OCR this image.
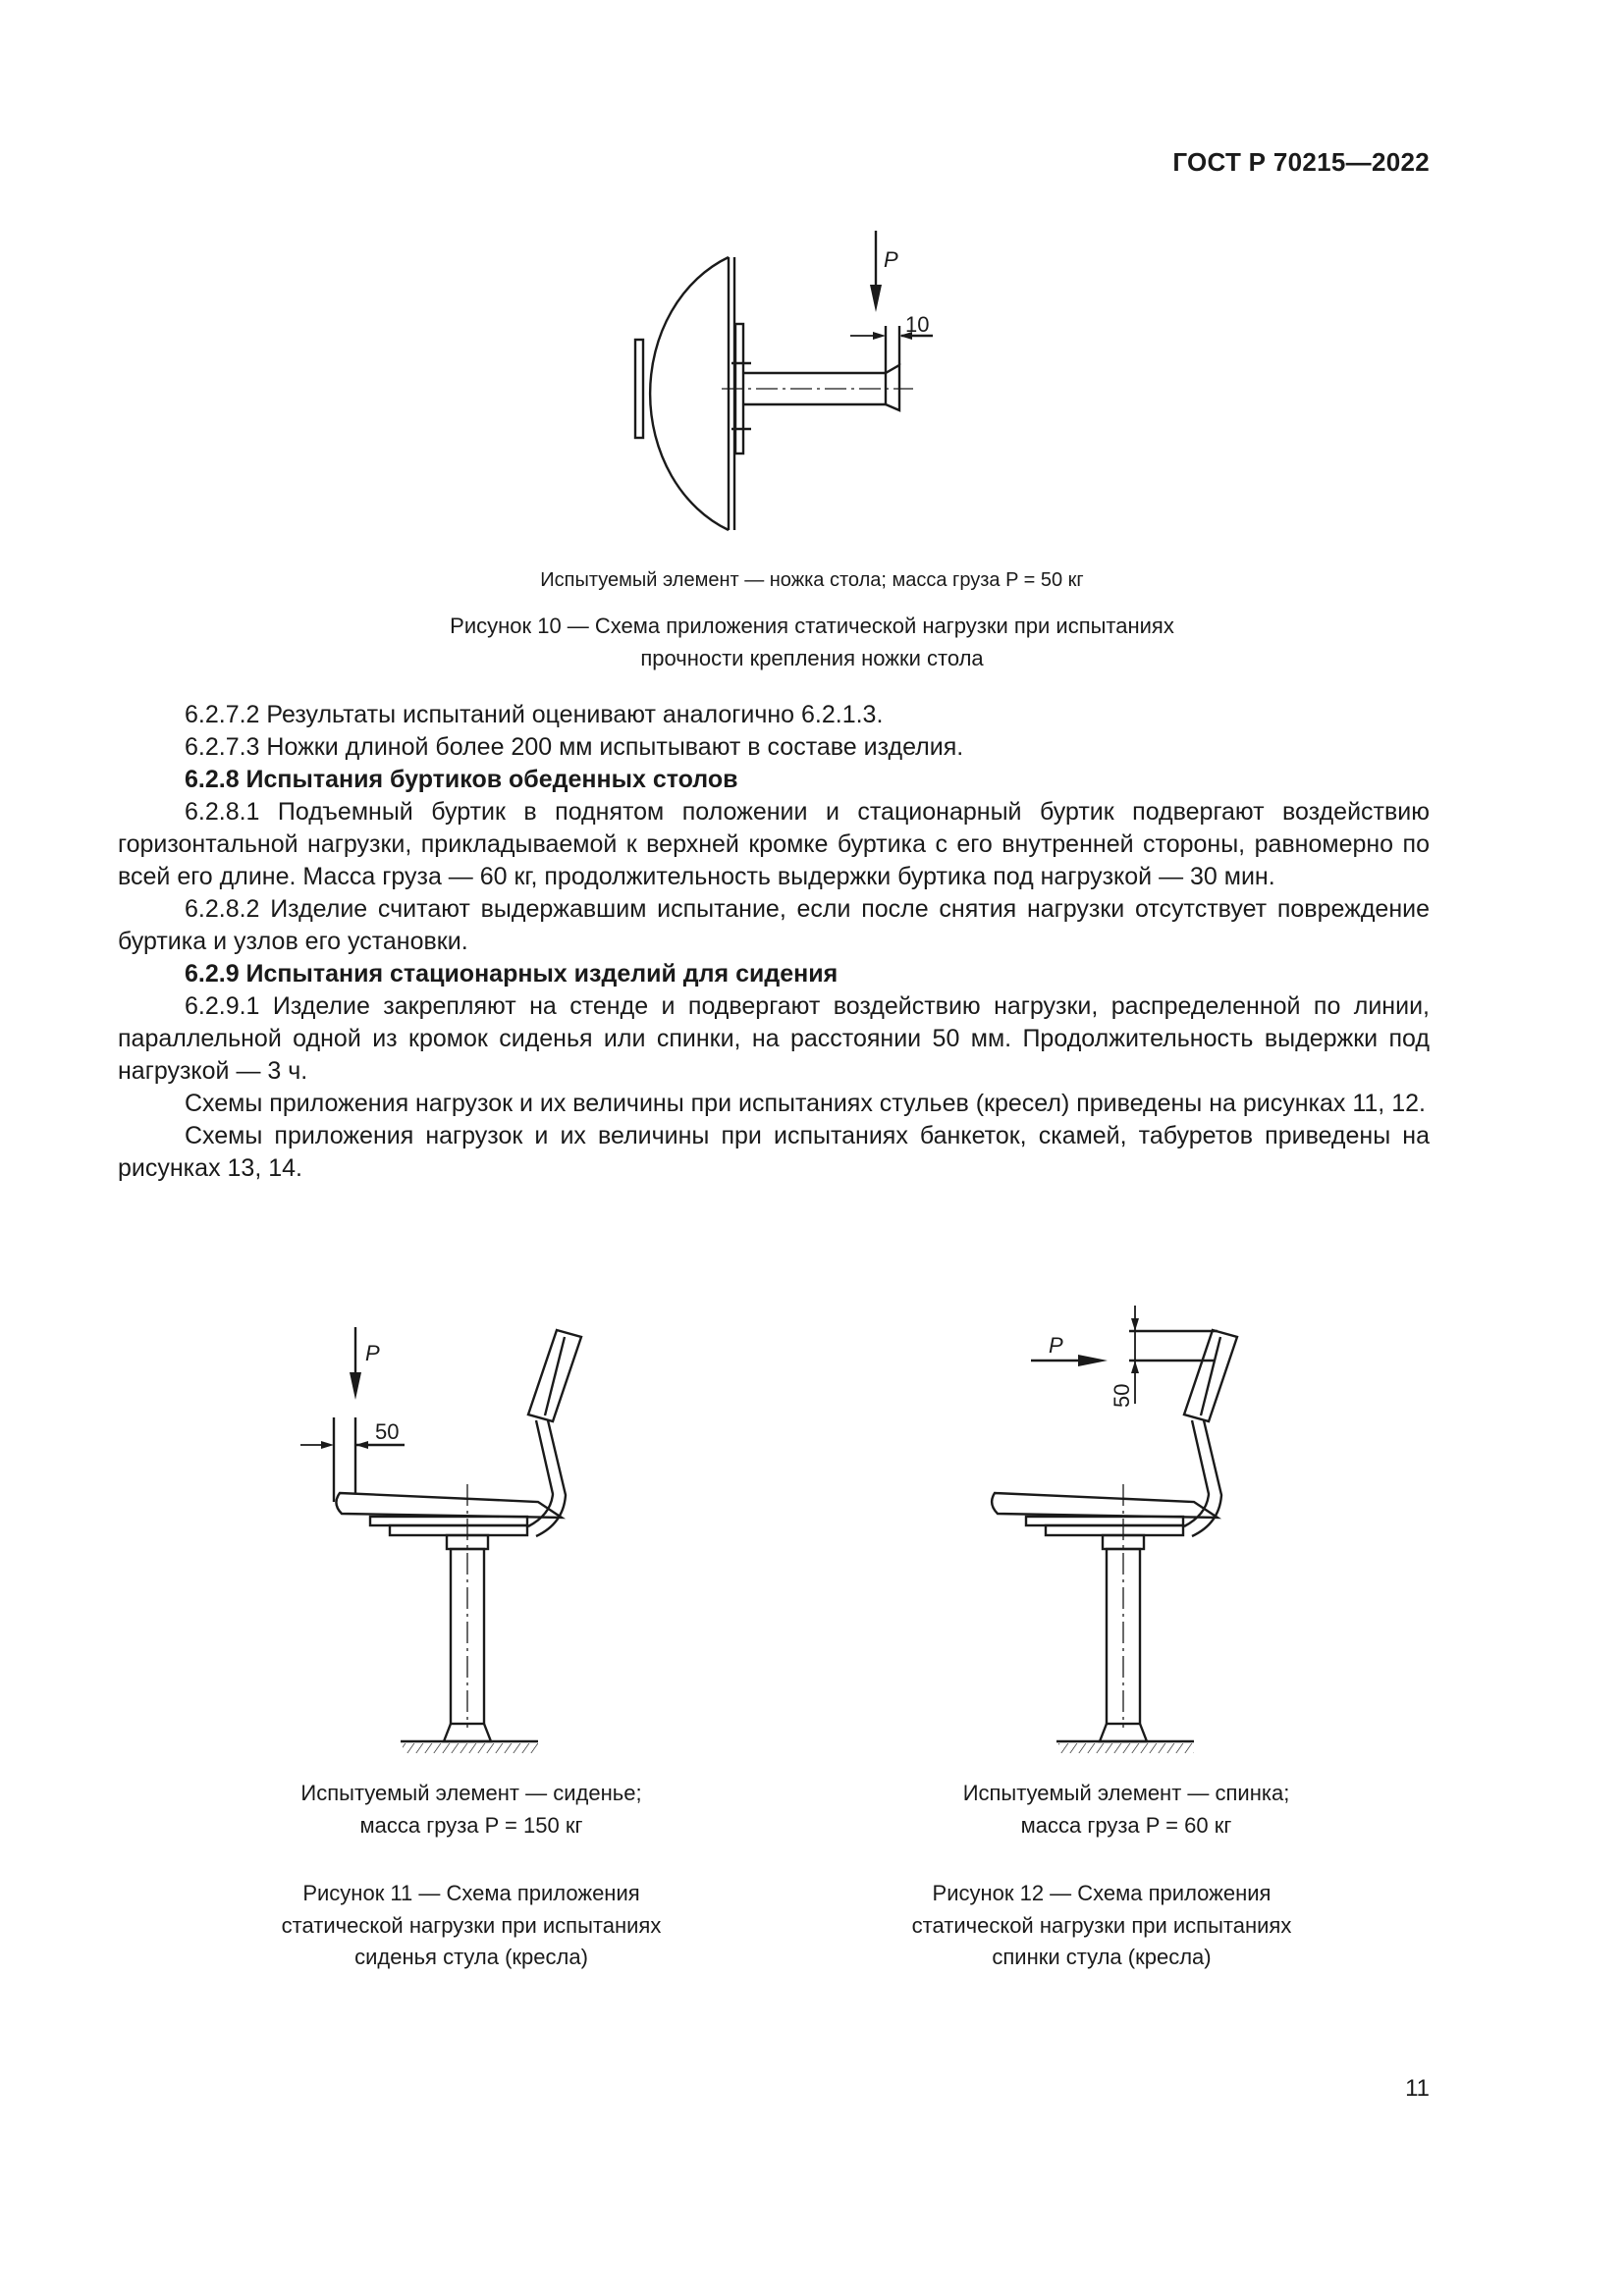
ГОСТ Р 70215—2022
P
10
Испытуемый элемент — ножка стола; масса груза P = 50 кг
Рисунок 10 — Схема приложения статической нагрузки при испытаниях
прочности крепления ножки стола

6.2.7.2 Результаты испытаний оценивают аналогично 6.2.1.3.

6.2.7.3 Ножки длиной более 200 мм испытывают в составе изделия.

6.2.8 Испытания буртиков обеденных столов

6.2.8.1 Подъемный буртик в поднятом положении и стационарный буртик подвергают воздействию горизонтальной нагрузки, прикладываемой к верхней кромке буртика с его внутренней стороны, равномерно по всей его длине. Масса груза — 60 кг, продолжительность выдержки буртика под нагрузкой — 30 мин.

6.2.8.2 Изделие считают выдержавшим испытание, если после снятия нагрузки отсутствует повреждение буртика и узлов его установки.

6.2.9 Испытания стационарных изделий для сидения

6.2.9.1 Изделие закрепляют на стенде и подвергают воздействию нагрузки, распределенной по линии, параллельной одной из кромок сиденья или спинки, на расстоянии 50 мм. Продолжительность выдержки под нагрузкой — 3 ч.

Схемы приложения нагрузок и их величины при испытаниях стульев (кресел) приведены на рисунках 11, 12.

Схемы приложения нагрузок и их величины при испытаниях банкеток, скамей, табуретов приведены на рисунках 13, 14.

P
50
Испытуемый элемент — сиденье;
масса груза P = 150 кг
Рисунок 11 — Схема приложения
статической нагрузки при испытаниях
сиденья стула (кресла)
P
50
Испытуемый элемент — спинка;
масса груза P = 60 кг
Рисунок 12 — Схема приложения
статической нагрузки при испытаниях
спинки стула (кресла)
11
